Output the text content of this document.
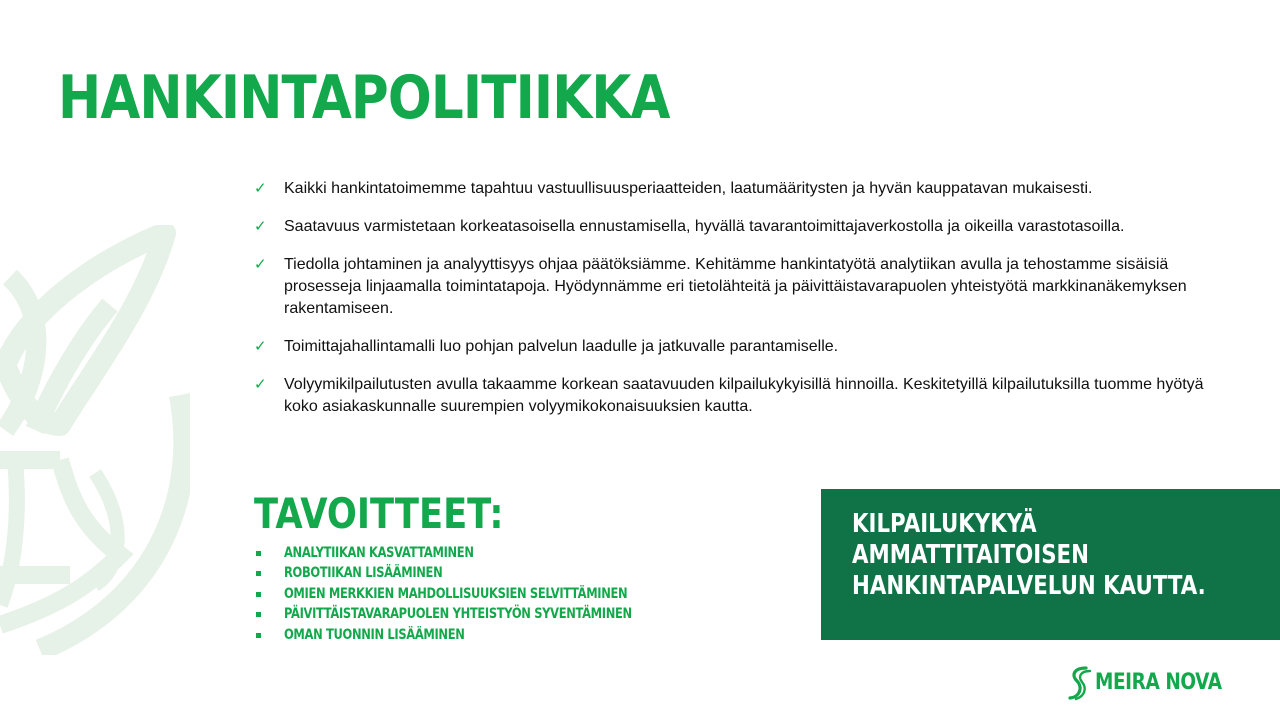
HANKINTAPOLITIIKKA
✓ Kaikki hankintatoimemme tapahtuu vastuullisuusperiaatteiden, laatumääritysten ja hyvän kauppatavan mukaisesti.
✓ Saatavuus varmistetaan korkeatasoisella ennustamisella, hyvällä tavarantoimittajaverkostolla ja oikeilla varastotasoilla.
✓ Tiedolla johtaminen ja analyyttisyys ohjaa päätöksiämme. Kehitämme hankintatyötä analytiikan avulla ja tehostamme sisäisiä prosesseja linjaamalla toimintatapoja. Hyödynnämme eri tietolähteitä ja päivittäistavarapuolen yhteistyötä markkinanäkemyksen rakentamiseen.
✓ Toimittajahallintamalli luo pohjan palvelun laadulle ja jatkuvalle parantamiselle.
✓ Volyymikilpailutusten avulla takaamme korkean saatavuuden kilpailukykyisillä hinnoilla. Keskitetyillä kilpailutuksilla tuomme hyötyä koko asiakaskunnalle suurempien volyymikokonaisuuksien kautta.
TAVOITTEET:
ANALYTIIKAN KASVATTAMINEN
ROBOTIIKAN LISÄÄMINEN
OMIEN MERKKIEN MAHDOLLISUUKSIEN SELVITTÄMINEN
PÄIVITTÄISTAVARAPUOLEN YHTEISTYÖN SYVENTÄMINEN
OMAN TUONNIN LISÄÄMINEN

KILPAILUKYKYÄ
AMMATTITAITOISEN
HANKINTAPALVELUN KAUTTA.

MEIRA NOVA
